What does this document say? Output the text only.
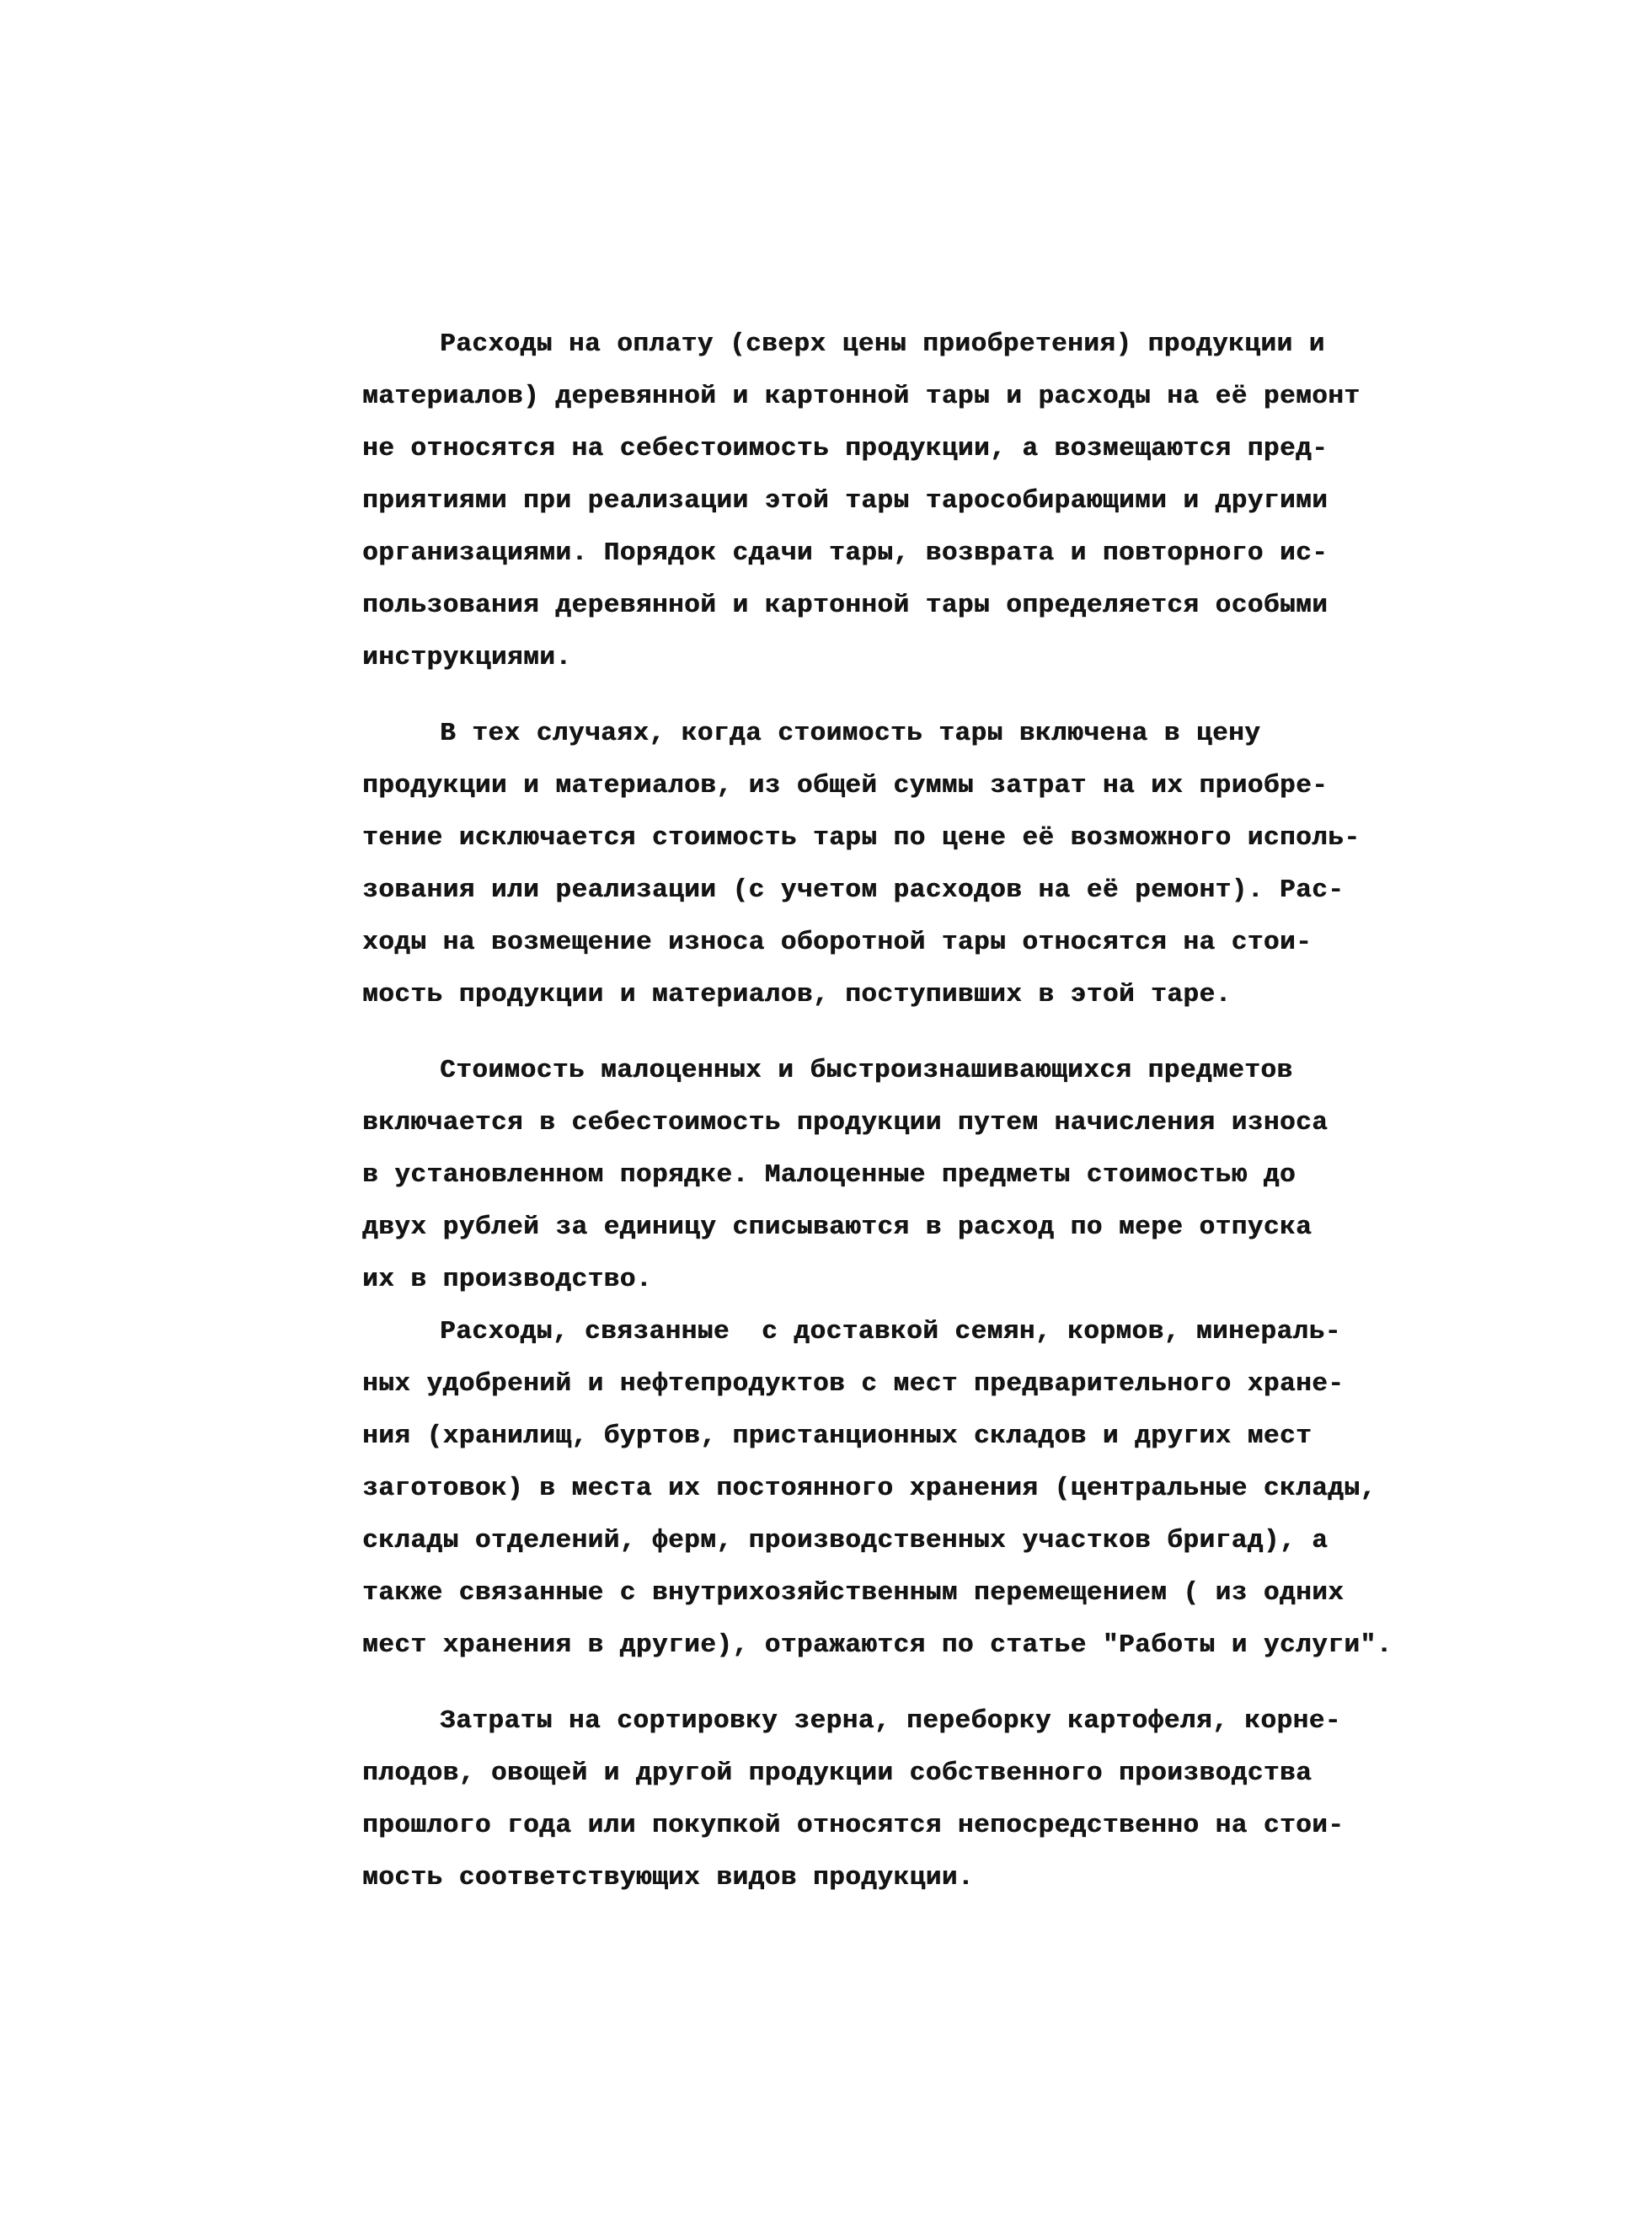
Расходы на оплату (сверх цены приобретения) продукции и
материалов) деревянной и картонной тары и расходы на её ремонт
не относятся на себестоимость продукции, а возмещаются пред-
приятиями при реализации этой тары тарособирающими и другими
организациями. Порядок сдачи тары, возврата и повторного ис-
пользования деревянной и картонной тары определяется особыми
инструкциями.
В тех случаях, когда стоимость тары включена в цену
продукции и материалов, из общей суммы затрат на их приобре-
тение исключается стоимость тары по цене её возможного исполь-
зования или реализации (с учетом расходов на её ремонт). Рас-
ходы на возмещение износа оборотной тары относятся на стои-
мость продукции и материалов, поступивших в этой таре.
Стоимость малоценных и быстроизнашивающихся предметов
включается в себестоимость продукции путем начисления износа
в установленном порядке. Малоценные предметы стоимостью до
двух рублей за единицу списываются в расход по мере отпуска
их в производство.
Расходы, связанные  с доставкой семян, кормов, минераль-
ных удобрений и нефтепродуктов с мест предварительного хране-
ния (хранилищ, буртов, пристанционных складов и других мест
заготовок) в места их постоянного хранения (центральные склады,
склады отделений, ферм, производственных участков бригад), а
также связанные с внутрихозяйственным перемещением ( из одних
мест хранения в другие), отражаются по статье "Работы и услуги".
Затраты на сортировку зерна, переборку картофеля, корне-
плодов, овощей и другой продукции собственного производства
прошлого года или покупкой относятся непосредственно на стои-
мость соответствующих видов продукции.
